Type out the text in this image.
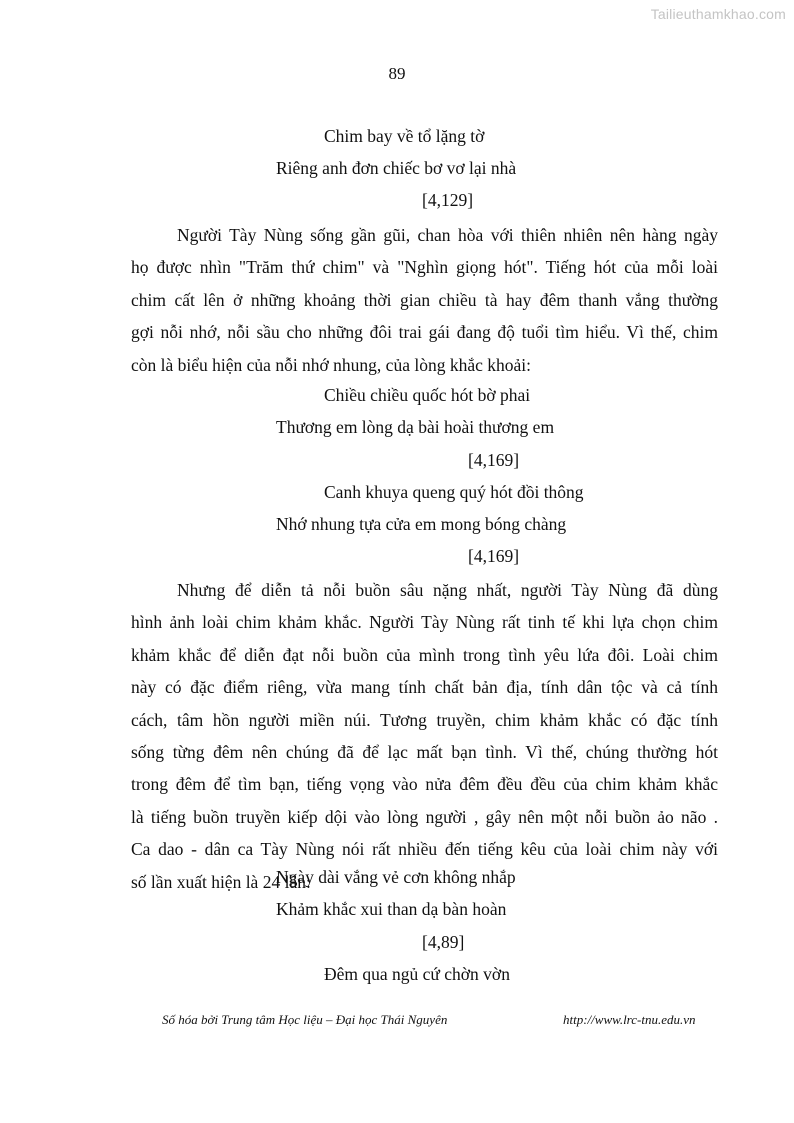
Tailieuthamkhao.com
89
Chim bay về tổ lặng tờ
Riêng anh đơn chiếc bơ vơ lại nhà
[4,129]
Người Tày Nùng sống gần gũi, chan hòa với thiên nhiên nên hàng ngày
họ được nhìn "Trăm thứ chim" và "Nghìn giọng hót". Tiếng hót của mỗi loài
chim cất lên ở những khoảng thời gian chiều tà hay đêm thanh vắng thường
gợi nỗi nhớ, nỗi sầu cho những đôi trai gái đang độ tuổi tìm hiểu. Vì thế, chim
còn là biểu hiện của nỗi nhớ nhung, của lòng khắc khoải:
Chiều chiều quốc hót bờ phai
Thương em lòng dạ bài hoài thương em
[4,169]
Canh khuya queng quý hót đồi thông
Nhớ nhung tựa cửa em mong bóng chàng
[4,169]
Nhưng để diễn tả nỗi buồn sâu nặng nhất, người Tày Nùng đã dùng
hình ảnh loài chim khảm khắc. Người Tày Nùng rất tinh tế khi lựa chọn chim
khảm khắc để diễn đạt nỗi buồn của mình trong tình yêu lứa đôi. Loài chim
này có đặc điểm riêng, vừa mang tính chất bản địa, tính dân tộc và cả tính
cách, tâm hồn người miền núi. Tương truyền, chim khảm khắc có đặc tính
sống từng đêm nên chúng đã để lạc mất bạn tình. Vì thế, chúng thường hót
trong đêm để tìm bạn, tiếng vọng vào nửa đêm đều đều của chim khảm khắc
là tiếng buồn truyền kiếp dội vào lòng người , gây nên một nỗi buồn ảo não .
Ca dao - dân ca Tày Nùng nói rất nhiều đến tiếng kêu của loài chim này với
số lần xuất hiện là 24 lần:
Ngày dài vắng vẻ cơn không nhắp
Khảm khắc xui than dạ bàn hoàn
[4,89]
Đêm qua ngủ cứ chờn vờn
Số hóa bởi Trung tâm Học liệu – Đại học Thái Nguyên	http://www.lrc-tnu.edu.vn
